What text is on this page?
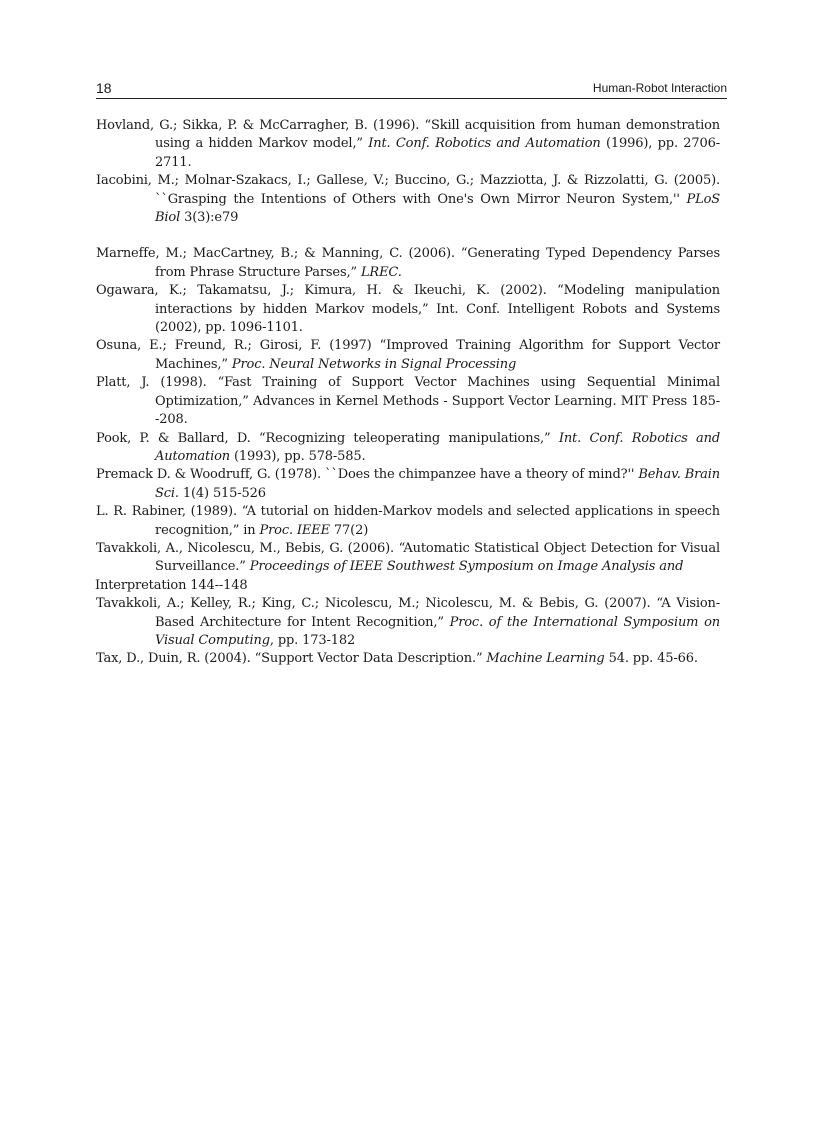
18	Human-Robot Interaction

Hovland, G.; Sikka, P. & McCarragher, B. (1996). “Skill acquisition from human demonstration using a hidden Markov model,” Int. Conf. Robotics and Automation (1996), pp. 2706-2711.

Iacobini, M.; Molnar-Szakacs, I.; Gallese, V.; Buccino, G.; Mazziotta, J. & Rizzolatti, G. (2005). ``Grasping the Intentions of Others with One's Own Mirror Neuron System,'' PLoS Biol 3(3):e79

Marneffe, M.; MacCartney, B.; & Manning, C. (2006). “Generating Typed Dependency Parses from Phrase Structure Parses,” LREC.

Ogawara, K.; Takamatsu, J.; Kimura, H. & Ikeuchi, K. (2002). “Modeling manipulation interactions by hidden Markov models,” Int. Conf. Intelligent Robots and Systems (2002), pp. 1096-1101.

Osuna, E.; Freund, R.; Girosi, F. (1997) “Improved Training Algorithm for Support Vector Machines,” Proc. Neural Networks in Signal Processing

Platt, J. (1998). “Fast Training of Support Vector Machines using Sequential Minimal Optimization,” Advances in Kernel Methods - Support Vector Learning. MIT Press 185--208.

Pook, P. & Ballard, D. “Recognizing teleoperating manipulations,” Int. Conf. Robotics and Automation (1993), pp. 578-585.

Premack D. & Woodruff, G. (1978). ``Does the chimpanzee have a theory of mind?'' Behav. Brain Sci. 1(4) 515-526

L. R. Rabiner, (1989). “A tutorial on hidden-Markov models and selected applications in speech recognition,” in Proc. IEEE 77(2)

Tavakkoli, A., Nicolescu, M., Bebis, G. (2006). “Automatic Statistical Object Detection for Visual Surveillance.” Proceedings of IEEE Southwest Symposium on Image Analysis and

Interpretation 144--148

Tavakkoli, A.; Kelley, R.; King, C.; Nicolescu, M.; Nicolescu, M. & Bebis, G. (2007). “A Vision-Based Architecture for Intent Recognition,” Proc. of the International Symposium on Visual Computing, pp. 173-182

Tax, D., Duin, R. (2004). “Support Vector Data Description.” Machine Learning 54. pp. 45-66.
